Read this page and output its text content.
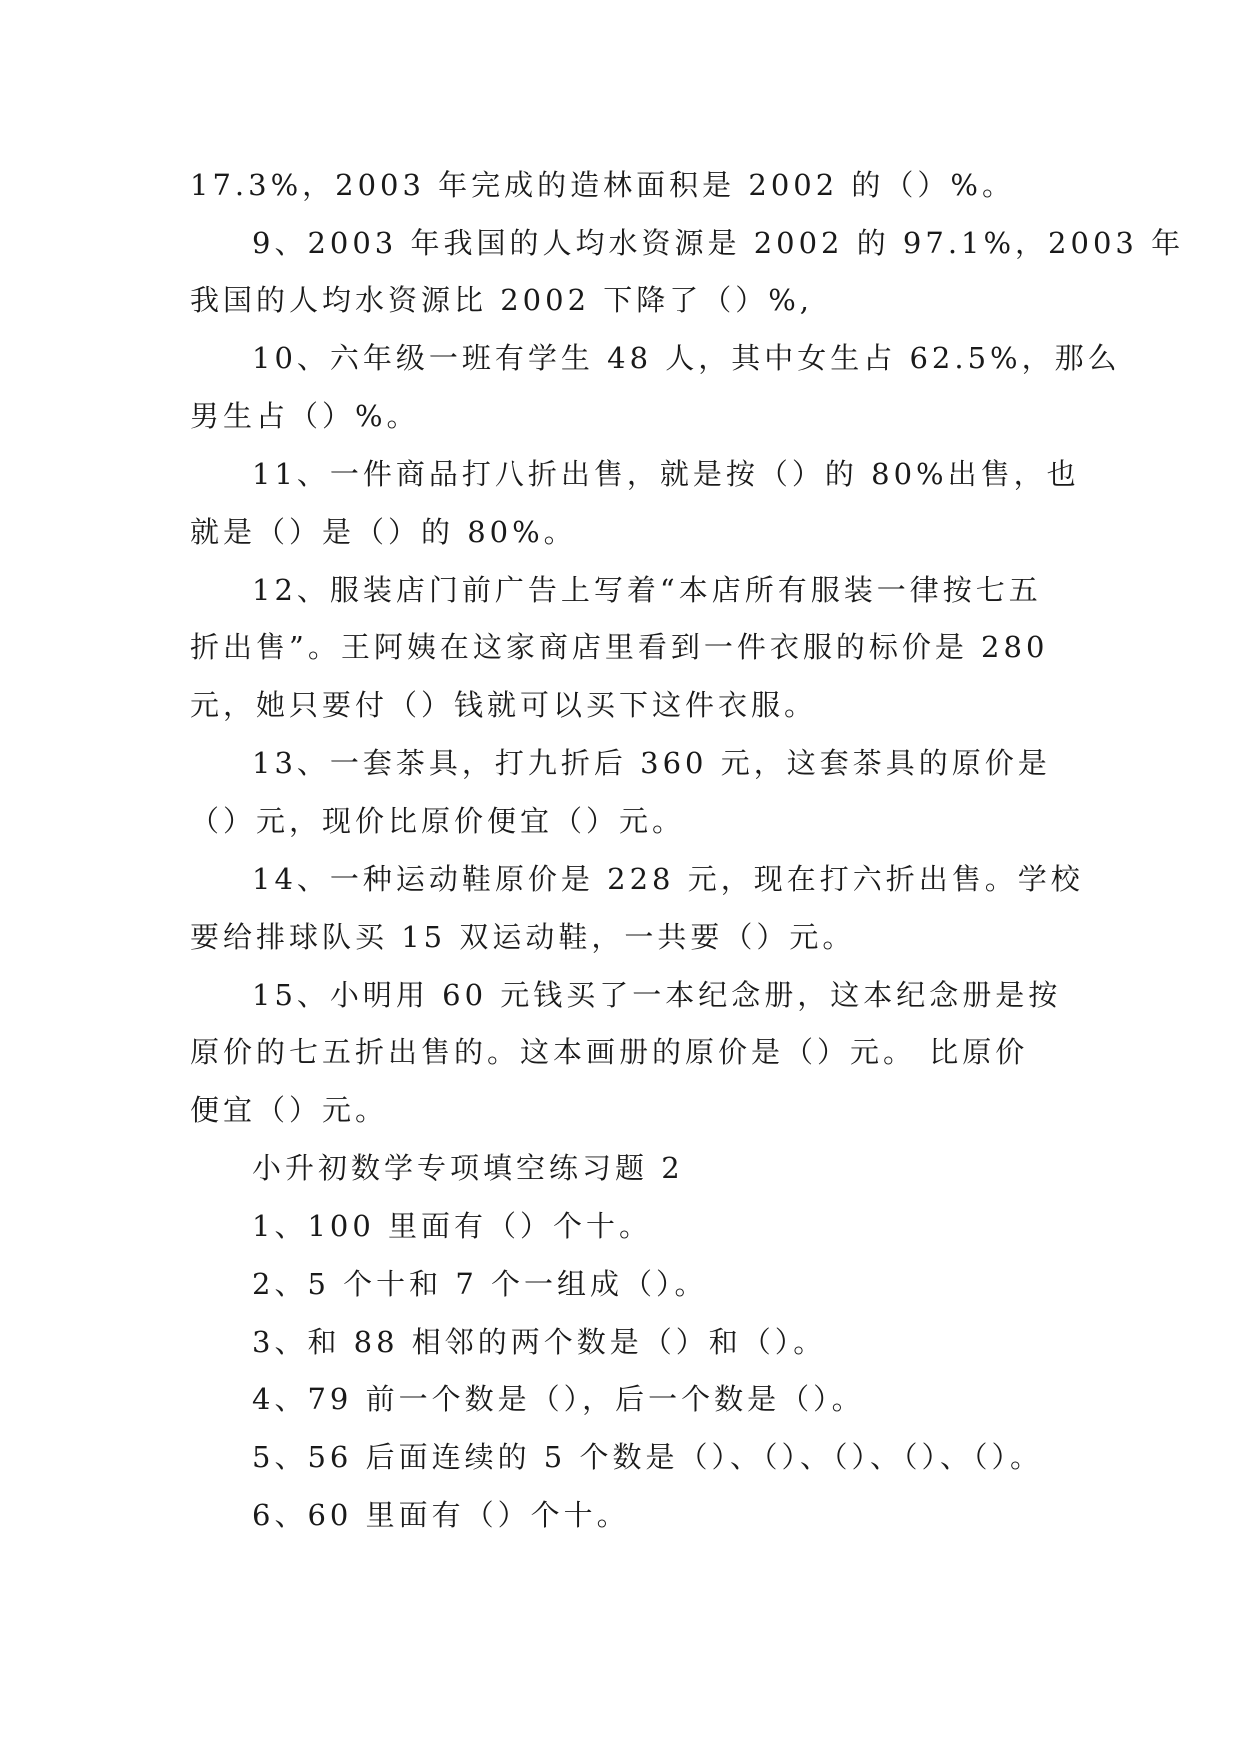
17.3%，2003 年完成的造林面积是 2002 的（）%。
9、2003 年我国的人均水资源是 2002 的 97.1%，2003 年
我国的人均水资源比 2002 下降了（）%,
10、六年级一班有学生 48 人，其中女生占 62.5%，那么
男生占（）%。
11、一件商品打八折出售，就是按（）的 80%出售，也
就是（）是（）的 80%。
12、服装店门前广告上写着“本店所有服装一律按七五
折出售”。王阿姨在这家商店里看到一件衣服的标价是 280
元，她只要付（）钱就可以买下这件衣服。
13、一套茶具，打九折后 360 元，这套茶具的原价是
（）元，现价比原价便宜（）元。
14、一种运动鞋原价是 228 元，现在打六折出售。学校
要给排球队买 15 双运动鞋，一共要（）元。
15、小明用 60 元钱买了一本纪念册，这本纪念册是按
原价的七五折出售的。这本画册的原价是（）元。 比原价
便宜（）元。
小升初数学专项填空练习题 2
1、100 里面有（）个十。
2、5 个十和 7 个一组成（）。
3、和 88 相邻的两个数是（）和（）。
4、79 前一个数是（），后一个数是（）。
5、56 后面连续的 5 个数是（）、（）、（）、（）、（）。
6、60 里面有（）个十。
